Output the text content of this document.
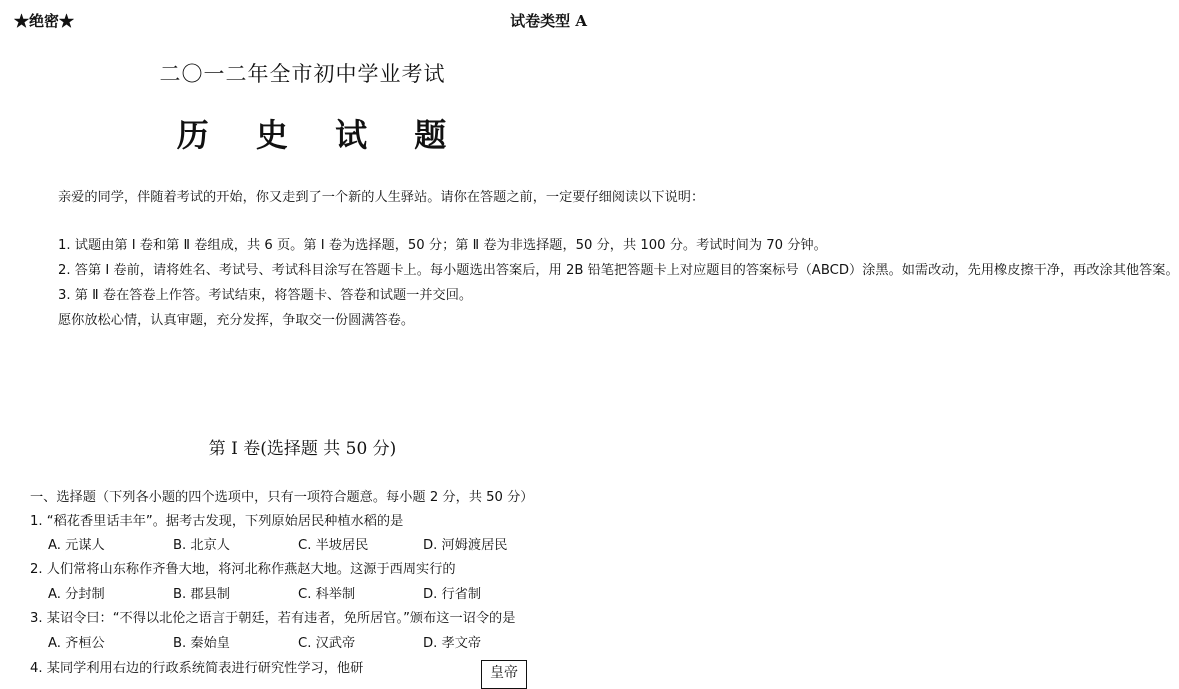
★绝密★	试卷类型 A
二〇一二年全市初中学业考试
历 史 试 题
亲爱的同学，伴随着考试的开始，你又走到了一个新的人生驿站。请你在答题之前，一定要仔细阅读以下说明：
1. 试题由第 Ⅰ 卷和第 Ⅱ 卷组成，共 6 页。第 Ⅰ 卷为选择题，50 分；第 Ⅱ 卷为非选择题，50 分，共 100 分。考试时间为 70 分钟。
2. 答第 Ⅰ 卷前，请将姓名、考试号、考试科目涂写在答题卡上。每小题选出答案后，用 2B 铅笔把答题卡上对应题目的答案标号（ABCD）涂黑。如需改动，先用橡皮擦干净，再改涂其他答案。
3. 第 Ⅱ 卷在答卷上作答。考试结束，将答题卡、答卷和试题一并交回。
愿你放松心情，认真审题，充分发挥，争取交一份圆满答卷。
第 Ⅰ 卷(选择题 共 50 分)
一、选择题（下列各小题的四个选项中，只有一项符合题意。每小题 2 分，共 50 分）
1. “稻花香里话丰年”。据考古发现，下列原始居民种植水稻的是
A. 元谋人	B. 北京人	C. 半坡居民	D. 河姆渡居民
2. 人们常将山东称作齐鲁大地，将河北称作燕赵大地。这源于西周实行的
A. 分封制	B. 郡县制	C. 科举制	D. 行省制
3. 某诏令曰：“不得以北伦之语言于朝廷，若有违者，免所居官。”颁布这一诏令的是
A. 齐桓公	B. 秦始皇	C. 汉武帝	D. 孝文帝
4. 某同学利用右边的行政系统简表进行研究性学习，他研	皇帝
